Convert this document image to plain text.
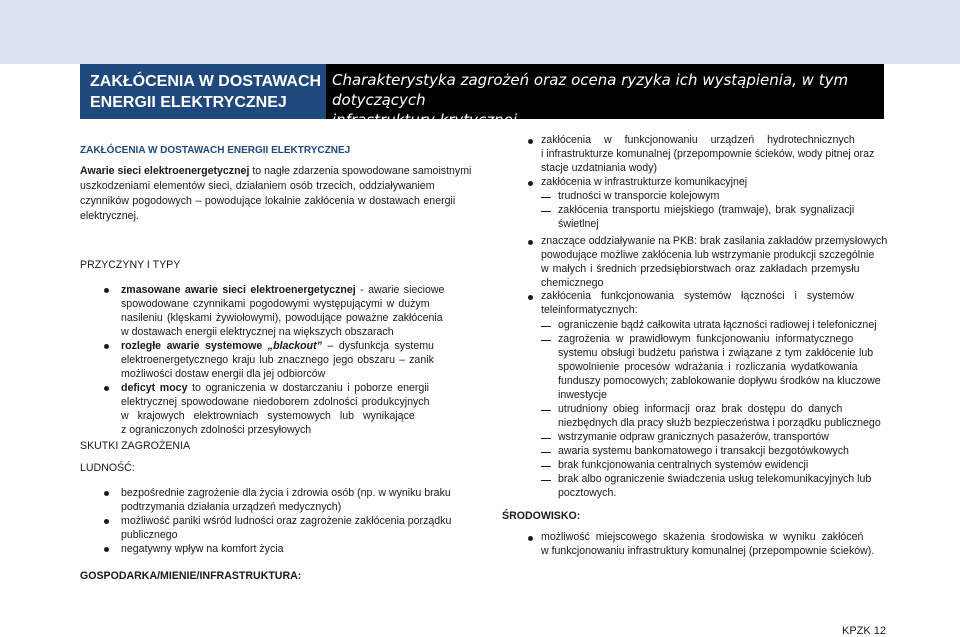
ZAKŁÓCENIA W DOSTAWACH
ENERGII ELEKTRYCZNEJ
Charakterystyka zagrożeń oraz ocena ryzyka ich wystąpienia, w tym dotyczących
infrastruktury krytycznej
ZAKŁÓCENIA W DOSTAWACH ENERGII ELEKTRYCZNEJ
Awarie sieci elektroenergetycznej to nagłe zdarzenia spowodowane samoistnymi
uszkodzeniami elementów sieci, działaniem osób trzecich, oddziaływaniem
czynników pogodowych – powodujące lokalnie zakłócenia w dostawach energii
elektrycznej.
PRZYCZYNY I TYPY
zmasowane awarie sieci elektroenergetycznej - awarie sieciowe
spowodowane czynnikami pogodowymi występującymi w dużym
nasileniu (klęskami żywiołowymi), powodujące poważne zakłócenia
w dostawach energii elektrycznej na większych obszarach
rozległe awarie systemowe „blackout” – dysfunkcja systemu
elektroenergetycznego kraju lub znacznego jego obszaru – zanik
możliwości dostaw energii dla jej odbiorców
deficyt mocy to ograniczenia w dostarczaniu i poborze energii
elektrycznej spowodowane niedoborem zdolności produkcyjnych
w krajowych elektrowniach systemowych lub wynikające
z ograniczonych zdolności przesyłowych
SKUTKI ZAGROŻENIA
LUDNOŚĆ:
bezpośrednie zagrożenie dla życia i zdrowia osób (np. w wyniku braku
podtrzymania działania urządzeń medycznych)
możliwość paniki wśród ludności oraz zagrożenie zakłócenia porządku
publicznego
negatywny wpływ na komfort życia
GOSPODARKA/MIENIE/INFRASTRUKTURA:
zakłócenia w funkcjonowaniu urządzeń hydrotechnicznych
i infrastrukturze komunalnej (przepompownie ścieków, wody pitnej oraz
stacje uzdatniania wody)
zakłócenia w infrastrukturze komunikacyjnej
trudności w transporcie kolejowym
zakłócenia transportu miejskiego (tramwaje), brak sygnalizacji
świetlnej
znaczące oddziaływanie na PKB: brak zasilania zakładów przemysłowych
powodujące możliwe zakłócenia lub wstrzymanie produkcji szczególnie
w małych i średnich przedsiębiorstwach oraz zakładach przemysłu
chemicznego
zakłócenia funkcjonowania systemów łączności i systemów
teleinformatycznych:
ograniczenie bądź całkowita utrata łączności radiowej i telefonicznej
zagrożenia w prawidłowym funkcjonowaniu informatycznego
systemu obsługi budżetu państwa i związane z tym zakłócenie lub
spowolnienie procesów wdrażania i rozliczania wydatkowania
funduszy pomocowych; zablokowanie dopływu środków na kluczowe
inwestycje
utrudniony obieg informacji oraz brak dostępu do danych
niezbędnych dla pracy służb bezpieczeństwa i porządku publicznego
wstrzymanie odpraw granicznych pasażerów, transportów
awaria systemu bankomatowego i transakcji bezgotówkowych
brak funkcjonowania centralnych systemów ewidencji
brak albo ograniczenie świadczenia usług telekomunikacyjnych lub
pocztowych.
ŚRODOWISKO:
możliwość miejscowego skażenia środowiska w wyniku zakłóceń
w funkcjonowaniu infrastruktury komunalnej (przepompownie ścieków).
KPZK 12
